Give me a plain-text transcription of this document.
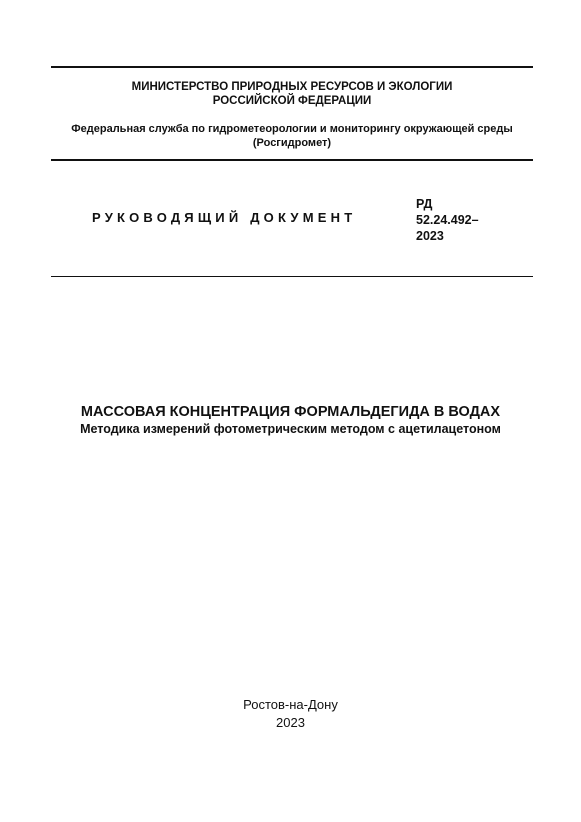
МИНИСТЕРСТВО ПРИРОДНЫХ РЕСУРСОВ И ЭКОЛОГИИ
РОССИЙСКОЙ ФЕДЕРАЦИИ
Федеральная служба по гидрометеорологии и мониторингу окружающей среды
(Росгидромет)
РУКОВОДЯЩИЙ ДОКУМЕНТ
РД
52.24.492–
2023
МАССОВАЯ КОНЦЕНТРАЦИЯ ФОРМАЛЬДЕГИДА В ВОДАХ
Методика измерений фотометрическим методом с ацетилацетоном
Ростов-на-Дону
2023
